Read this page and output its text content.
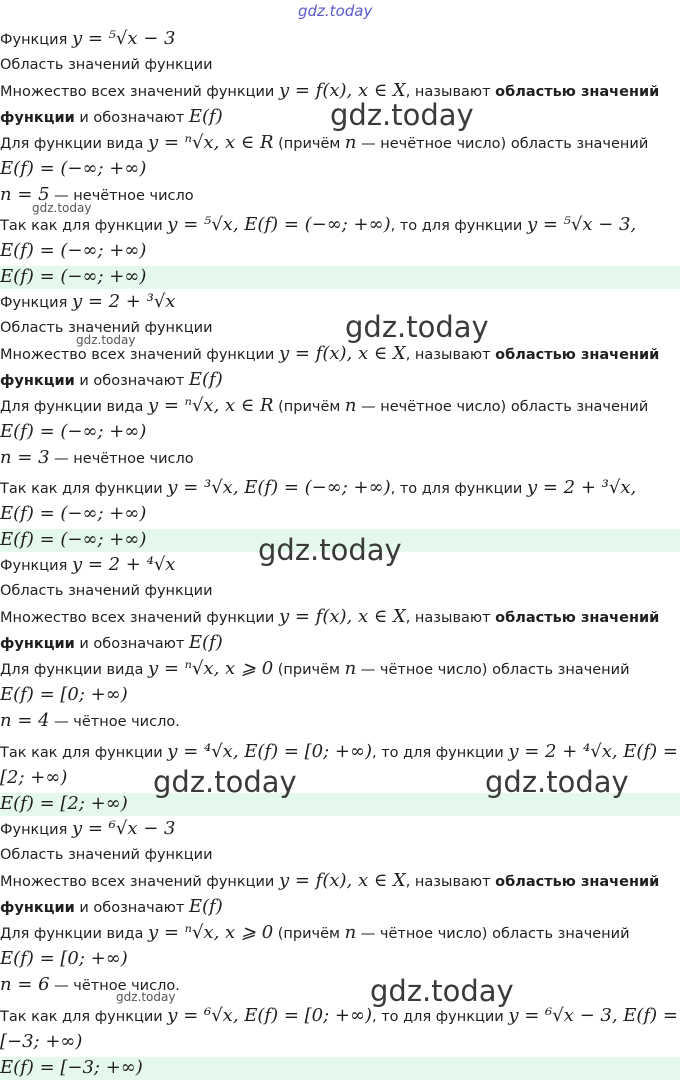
Функция y = ⁵√x − 3
Область значений функции
Множество всех значений функции y = f(x), x ∈ X, называют областью значений
функции и обозначают E(f)
Для функции вида y = ⁿ√x, x ∈ R (причём n — нечётное число) область значений
E(f) = (−∞; +∞)
n = 5 — нечётное число
Так как для функции y = ⁵√x, E(f) = (−∞; +∞), то для функции y = ⁵√x − 3,
E(f) = (−∞; +∞)
E(f) = (−∞; +∞)
Функция y = 2 + ³√x
Область значений функции
Множество всех значений функции y = f(x), x ∈ X, называют областью значений
функции и обозначают E(f)
Для функции вида y = ⁿ√x, x ∈ R (причём n — нечётное число) область значений
E(f) = (−∞; +∞)
n = 3 — нечётное число
Так как для функции y = ³√x, E(f) = (−∞; +∞), то для функции y = 2 + ³√x,
E(f) = (−∞; +∞)
E(f) = (−∞; +∞)
Функция y = 2 + ⁴√x
Область значений функции
Множество всех значений функции y = f(x), x ∈ X, называют областью значений
функции и обозначают E(f)
Для функции вида y = ⁿ√x, x ⩾ 0 (причём n — чётное число) область значений
E(f) = [0; +∞)
n = 4 — чётное число.
Так как для функции y = ⁴√x, E(f) = [0; +∞), то для функции y = 2 + ⁴√x, E(f) =
[2; +∞)
E(f) = [2; +∞)
Функция y = ⁶√x − 3
Область значений функции
Множество всех значений функции y = f(x), x ∈ X, называют областью значений
функции и обозначают E(f)
Для функции вида y = ⁿ√x, x ⩾ 0 (причём n — чётное число) область значений
E(f) = [0; +∞)
n = 6 — чётное число.
Так как для функции y = ⁶√x, E(f) = [0; +∞), то для функции y = ⁶√x − 3, E(f) =
[−3; +∞)
E(f) = [−3; +∞)
gdz.today
gdz.today
gdz.today
gdz.today
gdz.today
gdz.today
gdz.today	gdz.today
gdz.today
gdz.today
